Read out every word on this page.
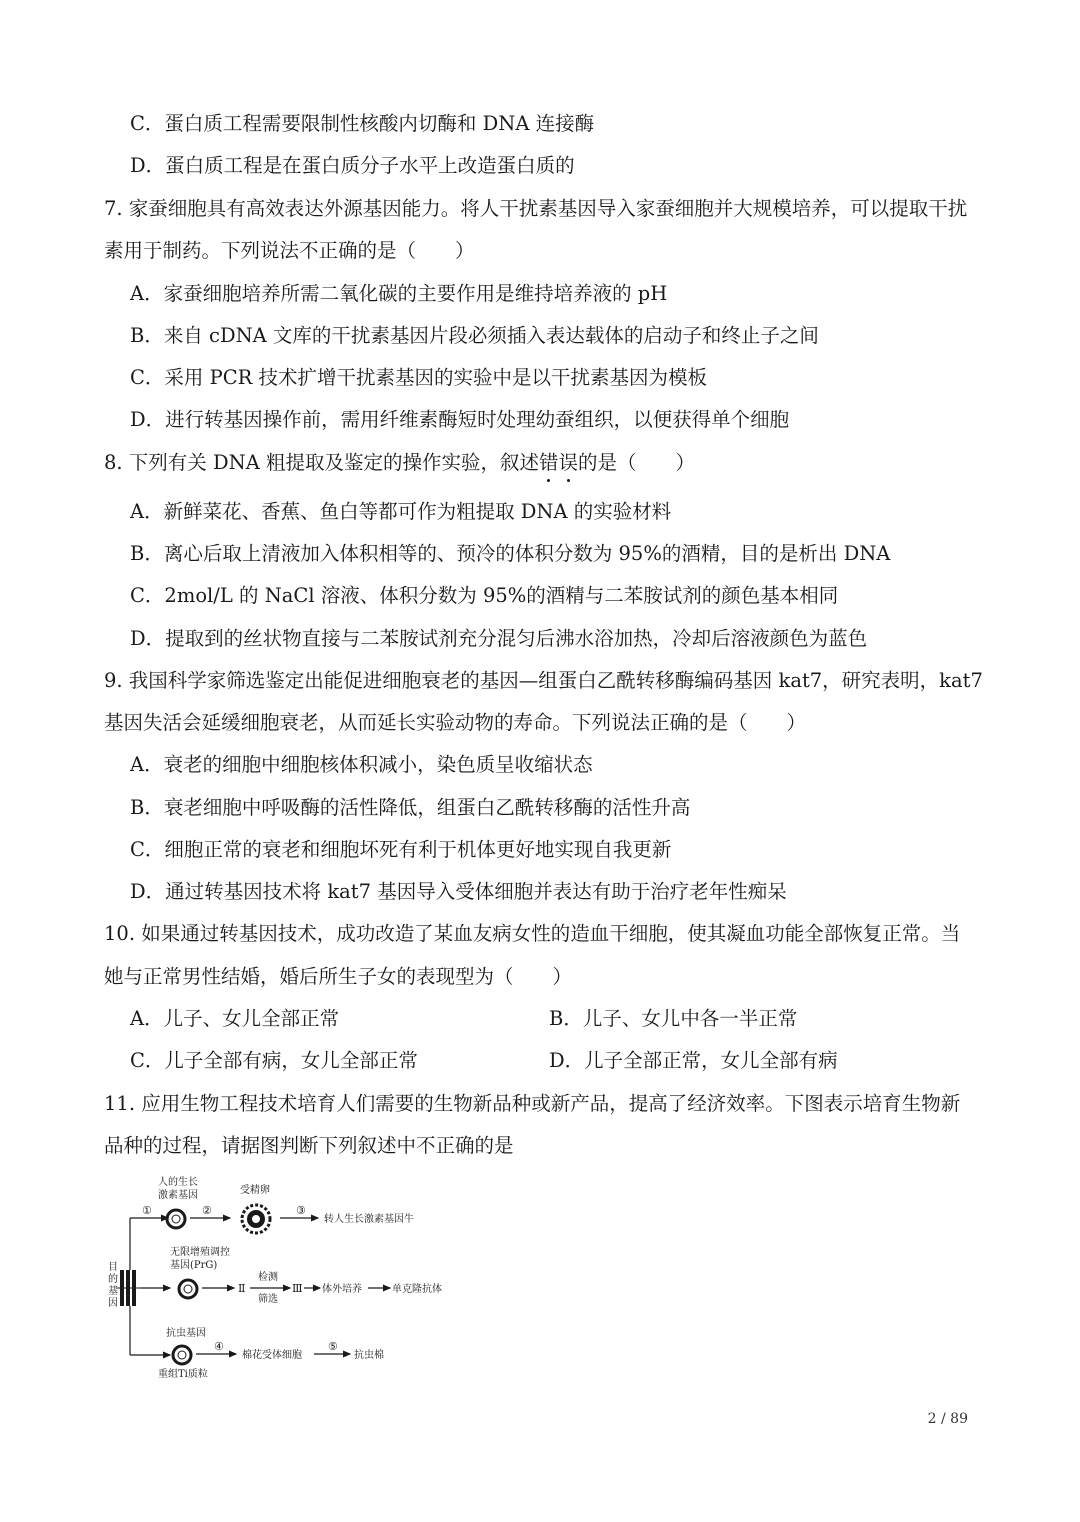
C．蛋白质工程需要限制性核酸内切酶和 DNA 连接酶
D．蛋白质工程是在蛋白质分子水平上改造蛋白质的
7. 家蚕细胞具有高效表达外源基因能力。将人干扰素基因导入家蚕细胞并大规模培养，可以提取干扰
素用于制药。下列说法不正确的是（　　）
A．家蚕细胞培养所需二氧化碳的主要作用是维持培养液的 pH
B．来自 cDNA 文库的干扰素基因片段必须插入表达载体的启动子和终止子之间
C．采用 PCR 技术扩增干扰素基因的实验中是以干扰素基因为模板
D．进行转基因操作前，需用纤维素酶短时处理幼蚕组织，以便获得单个细胞
8. 下列有关 DNA 粗提取及鉴定的操作实验，叙述错
误
的是（　　）
A．新鲜菜花、香蕉、鱼白等都可作为粗提取 DNA 的实验材料
B．离心后取上清液加入体积相等的、预冷的体积分数为 95%的酒精，目的是析出 DNA
C．2mol/L 的 NaCl 溶液、体积分数为 95%的酒精与二苯胺试剂的颜色基本相同
D．提取到的丝状物直接与二苯胺试剂充分混匀后沸水浴加热，冷却后溶液颜色为蓝色
9. 我国科学家筛选鉴定出能促进细胞衰老的基因—组蛋白乙酰转移酶编码基因 kat7，研究表明，kat7
基因失活会延缓细胞衰老，从而延长实验动物的寿命。下列说法正确的是（　　）
A．衰老的细胞中细胞核体积减小，染色质呈收缩状态
B．衰老细胞中呼吸酶的活性降低，组蛋白乙酰转移酶的活性升高
C．细胞正常的衰老和细胞坏死有利于机体更好地实现自我更新
D．通过转基因技术将 kat7 基因导入受体细胞并表达有助于治疗老年性痴呆
10. 如果通过转基因技术，成功改造了某血友病女性的造血干细胞，使其凝血功能全部恢复正常。当
她与正常男性结婚，婚后所生子女的表现型为（　　）
A．儿子、女儿全部正常	B．儿子、女儿中各一半正常
C．儿子全部有病，女儿全部正常	D．儿子全部正常，女儿全部有病
11. 应用生物工程技术培育人们需要的生物新品种或新产品，提高了经济效率。下图表示培育生物新
品种的过程，请据图判断下列叙述中不正确的是
目
的
基
因
人的生长
激素基因
①	②
受精卵
③
转人生长激素基因牛
无限增殖调控
基因(PrG)
Ⅱ
检测
筛选
Ⅲ 体外培养	单克隆抗体
抗虫基因
④
棉花受体细胞
⑤
抗虫棉
重组Ti质粒
2 / 89
